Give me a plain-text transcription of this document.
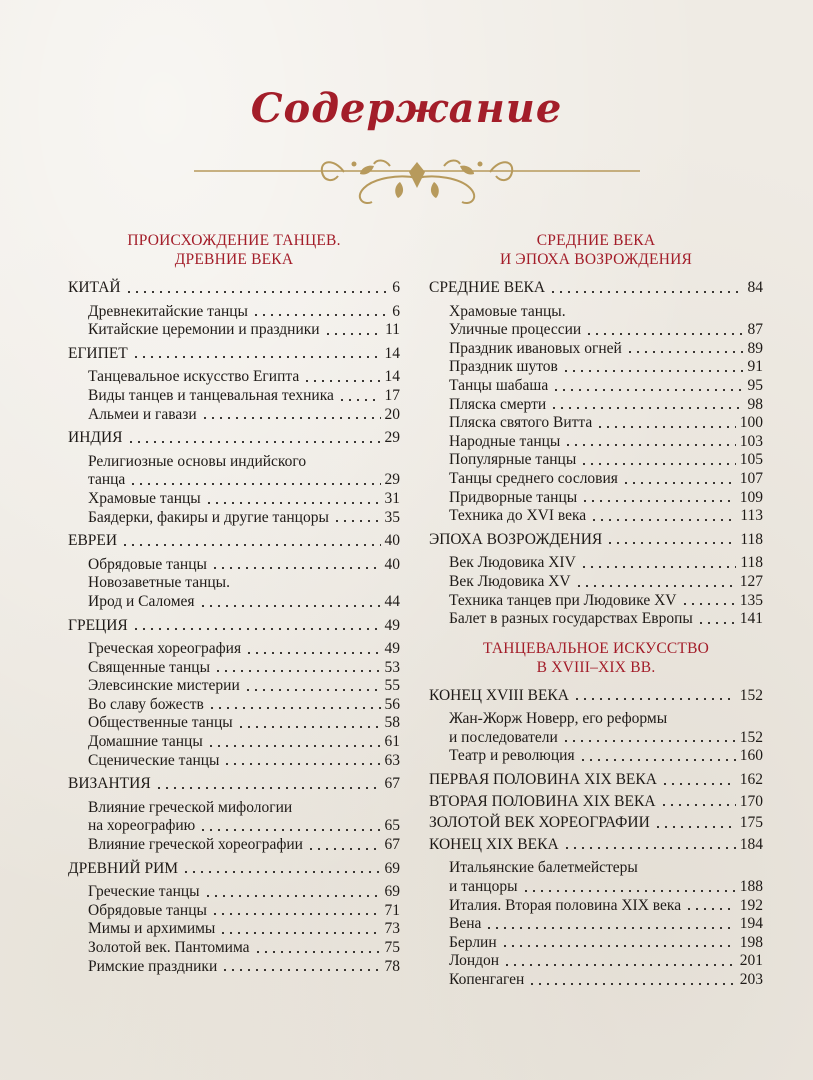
Содержание
ПРОИСХОЖДЕНИЕ ТАНЦЕВ.
ДРЕВНИЕ ВЕКА
КИТАЙ	6
Древнекитайские танцы	6
Китайские церемонии и праздники	11
ЕГИПЕТ	14
Танцевальное искусство Египта	14
Виды танцев и танцевальная техника	17
Альмеи и гавази	20
ИНДИЯ	29
Религиозные основы индийского
танца	29
Храмовые танцы	31
Баядерки, факиры и другие танцоры	35
ЕВРЕИ	40
Обрядовые танцы	40
Новозаветные танцы.
Ирод и Саломея	44
ГРЕЦИЯ	49
Греческая хореография	49
Священные танцы	53
Элевсинские мистерии	55
Во славу божеств	56
Общественные танцы	58
Домашние танцы	61
Сценические танцы	63
ВИЗАНТИЯ	67
Влияние греческой мифологии
на хореографию	65
Влияние греческой хореографии	67
ДРЕВНИЙ РИМ	69
Греческие танцы	69
Обрядовые танцы	71
Мимы и архимимы	73
Золотой век. Пантомима	75
Римские праздники	78
СРЕДНИЕ ВЕКА
И ЭПОХА ВОЗРОЖДЕНИЯ
СРЕДНИЕ ВЕКА	84
Храмовые танцы.
Уличные процессии	87
Праздник ивановых огней	89
Праздник шутов	91
Танцы шабаша	95
Пляска смерти	98
Пляска святого Витта	100
Народные танцы	103
Популярные танцы	105
Танцы среднего сословия	107
Придворные танцы	109
Техника до XVI века	113
ЭПОХА ВОЗРОЖДЕНИЯ	118
Век Людовика XIV	118
Век Людовика XV	127
Техника танцев при Людовике XV	135
Балет в разных государствах Европы	141
ТАНЦЕВАЛЬНОЕ ИСКУССТВО
В XVIII–XIX ВВ.
КОНЕЦ XVIII ВЕКА	152
Жан-Жорж Новерр, его реформы
и последователи	152
Театр и революция	160
ПЕРВАЯ ПОЛОВИНА XIX ВЕКА	162
ВТОРАЯ ПОЛОВИНА XIX ВЕКА	170
ЗОЛОТОЙ ВЕК ХОРЕОГРАФИИ	175
КОНЕЦ XIX ВЕКА	184
Итальянские балетмейстеры
и танцоры	188
Италия. Вторая половина XIX века	192
Вена	194
Берлин	198
Лондон	201
Копенгаген	203
